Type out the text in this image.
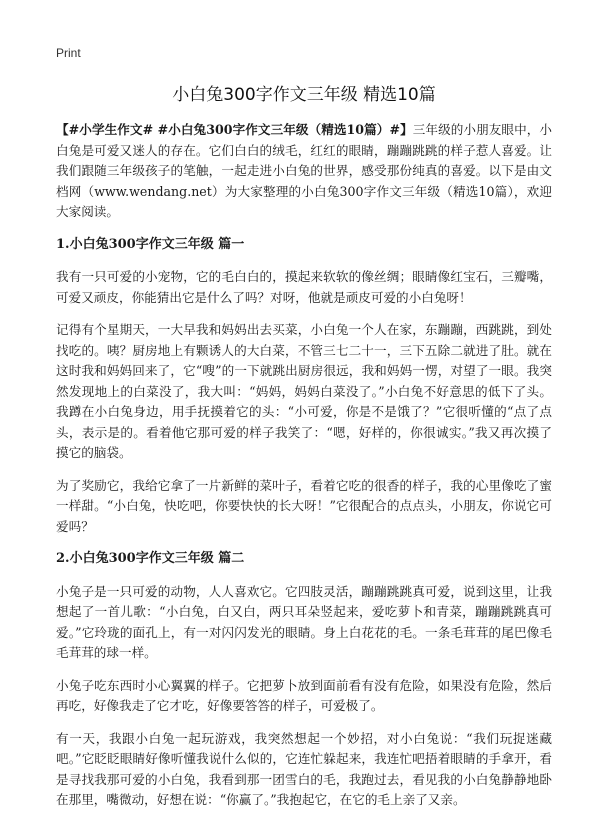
Print
小白兔300字作文三年级 精选10篇

【#小学生作文# #小白兔300字作文三年级（精选10篇）#】三年级的小朋友眼中，小白兔是可爱又迷人的存在。它们白白的绒毛，红红的眼睛，蹦蹦跳跳的样子惹人喜爱。让我们跟随三年级孩子的笔触，一起走进小白兔的世界，感受那份纯真的喜爱。以下是由文档网（www.wendang.net）为大家整理的小白兔300字作文三年级（精选10篇），欢迎大家阅读。

1.小白兔300字作文三年级 篇一

我有一只可爱的小宠物，它的毛白白的，摸起来软软的像丝绸；眼睛像红宝石，三瓣嘴，可爱又顽皮，你能猜出它是什么了吗？对呀，他就是顽皮可爱的小白兔呀！

记得有个星期天，一大早我和妈妈出去买菜，小白兔一个人在家，东蹦蹦，西跳跳，到处找吃的。咦？厨房地上有颗诱人的大白菜，不管三七二十一，三下五除二就进了肚。就在这时我和妈妈回来了，它“嗖”的一下就跳出厨房很远，我和妈妈一愣，对望了一眼。我突然发现地上的白菜没了，我大叫：“妈妈，妈妈白菜没了。”小白兔不好意思的低下了头。我蹲在小白兔身边，用手抚摸着它的头：“小可爱，你是不是饿了？”它很听懂的“点了点头，表示是的。看着他它那可爱的样子我笑了：“嗯，好样的，你很诚实。”我又再次摸了摸它的脑袋。

为了奖励它，我给它拿了一片新鲜的菜叶子，看着它吃的很香的样子，我的心里像吃了蜜一样甜。“小白兔，快吃吧，你要快快的长大呀！”它很配合的点点头，小朋友，你说它可爱吗？

2.小白兔300字作文三年级 篇二

小兔子是一只可爱的动物，人人喜欢它。它四肢灵活，蹦蹦跳跳真可爱，说到这里，让我想起了一首儿歌：“小白兔，白又白，两只耳朵竖起来，爱吃萝卜和青菜，蹦蹦跳跳真可爱。”它玲珑的面孔上，有一对闪闪发光的眼睛。身上白花花的毛。一条毛茸茸的尾巴像毛毛茸茸的球一样。

小兔子吃东西时小心翼翼的样子。它把萝卜放到面前看有没有危险，如果没有危险，然后再吃，好像我走了它才吃，好像要答答的样子，可爱极了。

有一天，我跟小白兔一起玩游戏，我突然想起一个妙招，对小白兔说：“我们玩捉迷藏吧。”它眨眨眼睛好像听懂我说什么似的，它连忙躲起来，我连忙吧捂着眼睛的手拿开，看是寻找我那可爱的小白兔，我看到那一团雪白的毛，我跑过去，看见我的小白兔静静地卧在那里，嘴微动，好想在说：“你赢了。”我抱起它，在它的毛上亲了又亲。
